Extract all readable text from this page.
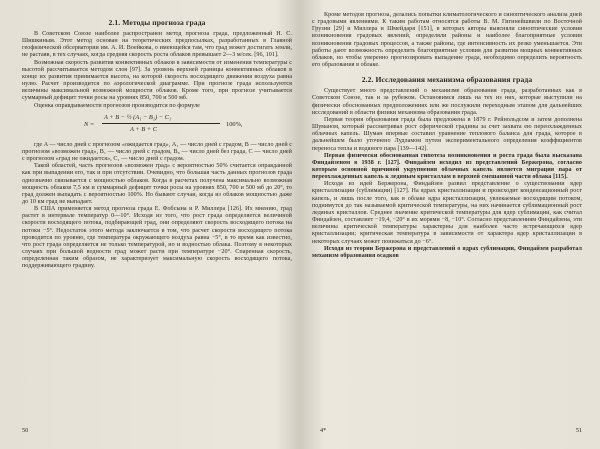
2.1. Методы прогноза града

В Советском Союзе наиболее распространен метод прогноза града, предложенный Н. С. Шишкиным. Этот метод основан на теоретических предпосылках, разработанных в Главной геофизической обсерватории им. А. И. Воейкова, о имеющейся там, что град может достигать земли, не растаяв, в тех случаях, когда средняя скорость роста облаков превышает 2—3 м/сек. [96, 101].

Возможная скорость развития конвективных облаков в зависимости от изменения температуры с высотой рассчитывается методом слоя [97]. За уровень верхней границы конвективных облаков в конце их развития принимается высота, на которой скорость восходящего движения воздуха равна нулю. Расчет производится по аэрологической диаграмме. При прогнозе града используются величины максимальной возможной мощности облаков. Кроме того, при прогнозе учитывается суммарный дефицит точки росы на уровнях 850, 700 и 500 мб.

Оценка оправдываемости прогнозов производится по формуле

N =
A + B − ½ (A₁ − B₁) − C₁
A + B + C
100%,

где A — число дней с прогнозом «ожидается град», A₁ — число дней с градом, B — число дней с прогнозом «возможен град», B₁ — число дней с градом, B₀ — число дней без града, C — число дней с прогнозом «град не ожидается», C₁ — число дней с градом.

Такой областей, часть прогнозов «возможен град» с вероятностью 50% считается оправданной как при выпадении его, так и при отсутствии. Очевидно, что большая часть данных прогнозов града однозначно связывается с мощностью облаков. Когда в расчетах получена максимально возможная мощность облаков 7,5 км и суммарный дефицит точки росы на уровнях 850, 700 и 500 мб до 20°, то град должен выпадать с вероятностью 100%. Но бывают случаи, когда из облаков мощностью даже до 10 км град не выпадает.

В США применяется метод прогноза града Е. Фобсына и Р. Миллера [126]. Их мнению, град растет в интервале температур 0—10°. Исходя из того, что рост града определяется величиной скорости восходящего потока, подбирающей град, они определяют скорость восходящего потока на потоки −5°. Недостаток этого метода заключается в том, что расчет скорости восходящего потока проводится по уровню, где температура окружающего воздуха равна −5°, в то время как известно, что рост града определяется не только температурой, но и водностью облака. Поэтому в некоторых случаях при большой водности град может расти при температуре −20°. Спаренная скорость, определенная таким образом, не характеризует максимальную скорость восходящего потока, поддерживающего градину.

50

Кроме методов прогноза, делались попытки климатологического и синоптического анализа дней с градовыми явлениями. К таким работам относятся работы В. М. Гигинейшвили по Восточной Грузии [29] и Миллера и Шмейдаря [151], в которых авторы выясняли синоптические условия возникновения градовых явлений, определяли районы и наиболее благоприятные условия возникновения градовых процессов, а также районы, где интенсивность их резко уменьшается. Эти работы дают возможность определить благоприятные условия для развития мощных конвективных облаков, но чтобы уверенно прогнозировать выпадение града, необходимо определить вероятность его образования в облаке.

2.2. Исследования механизма образования града

Существует много представлений о механизме образования града, разработанных как в Советском Союзе, так и за рубежом. Остановимся лишь на тех из них, которые выступили на физически обоснованных предположениях или же послужили переходным этапом для дальнейших исследований в области физики механизма образования града.

Первая теория образования града была предложена в 1879 г. Рейнольдсом и затем дополнена Шуманом, который рассматривал рост сферической градины за счет захвата ею переохлажденных облачных капель. Шуман впервые составил уравнение теплового баланса для града, которое в дальнейшем было уточнено Лудламом путем экспериментального определения коэффициентов переноса тепла и водяного пара [139—142].

Первая физически обоснованная гипотеза возникновения и роста града была высказана Финдайзеном в 1938 г. [127]. Финдайзен исходил из представлений Бержерона, согласно которым основной причиной укрупнения облачных капель является миграция пара от переохлажденных капель к ледяным кристаллам в верхней смешанной части облака [115].

Исходя из идей Бержерона, Финдайзен развил представление о существовании ядер кристаллизации (сублимации) [127]. На ядрах кристаллизации и происходит конденсационный рост капель, и лишь после того, как в облаке ядра кристаллизации, увлекаемые восходящим потоком, поднимутся до так называемой критической температуры, на них начинается сублимационный рост ледяных кристаллов. Среднее значение критической температуры для ядер сублимации, как считал Финдайзен, составляет −19,4, −20° в их морями −8, −10°. Согласно представлениям Финдайзена, эти величины критической температуры характерны для наиболее часто встречающихся ядер кристаллизации; критическая температура в зависимости от характера ядер кристаллизации в некоторых случаях может понижаться до −6°.

Исходя из теории Бержерона и представлений о ядрах сублимации, Финдайзен разработал механизм образования осадков

4*	51
